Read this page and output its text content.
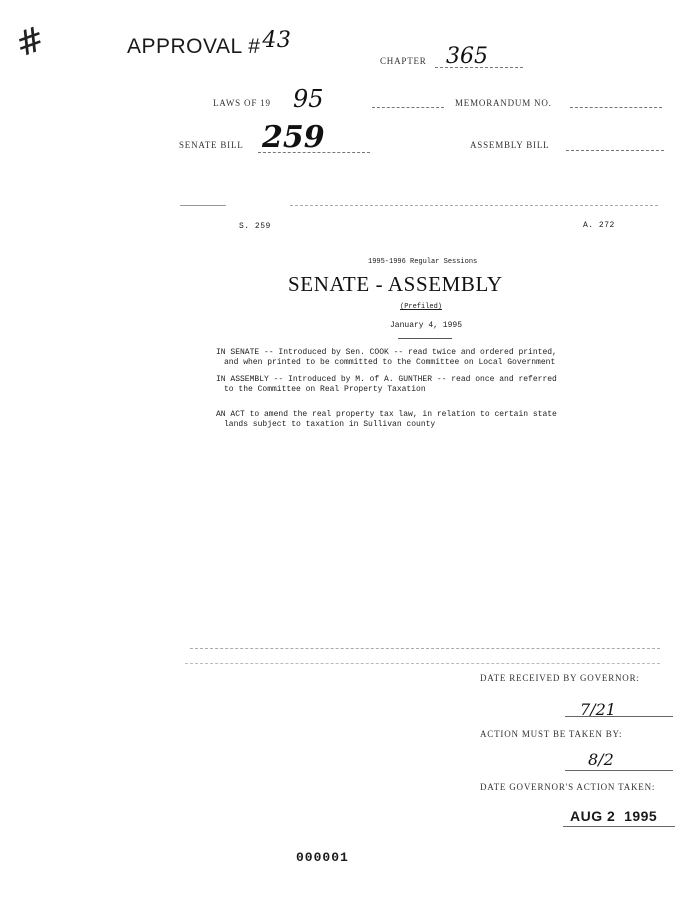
#	APPROVAL #43
CHAPTER 365
LAWS OF 19 95	MEMORANDUM NO.
SENATE BILL 259	ASSEMBLY BILL
S. 259	A. 272
1995-1996 Regular Sessions
SENATE - ASSEMBLY
(Prefiled)
January 4, 1995
IN SENATE -- Introduced by Sen. COOK -- read twice and ordered printed,
and when printed to be committed to the Committee on Local Government
IN ASSEMBLY -- Introduced by M. of A. GUNTHER -- read once and referred
to the Committee on Real Property Taxation
AN ACT to amend the real property tax law, in relation to certain state
lands subject to taxation in Sullivan county
DATE RECEIVED BY GOVERNOR:
7/21
ACTION MUST BE TAKEN BY:
8/2
DATE GOVERNOR'S ACTION TAKEN:
AUG 2  1995
000001
